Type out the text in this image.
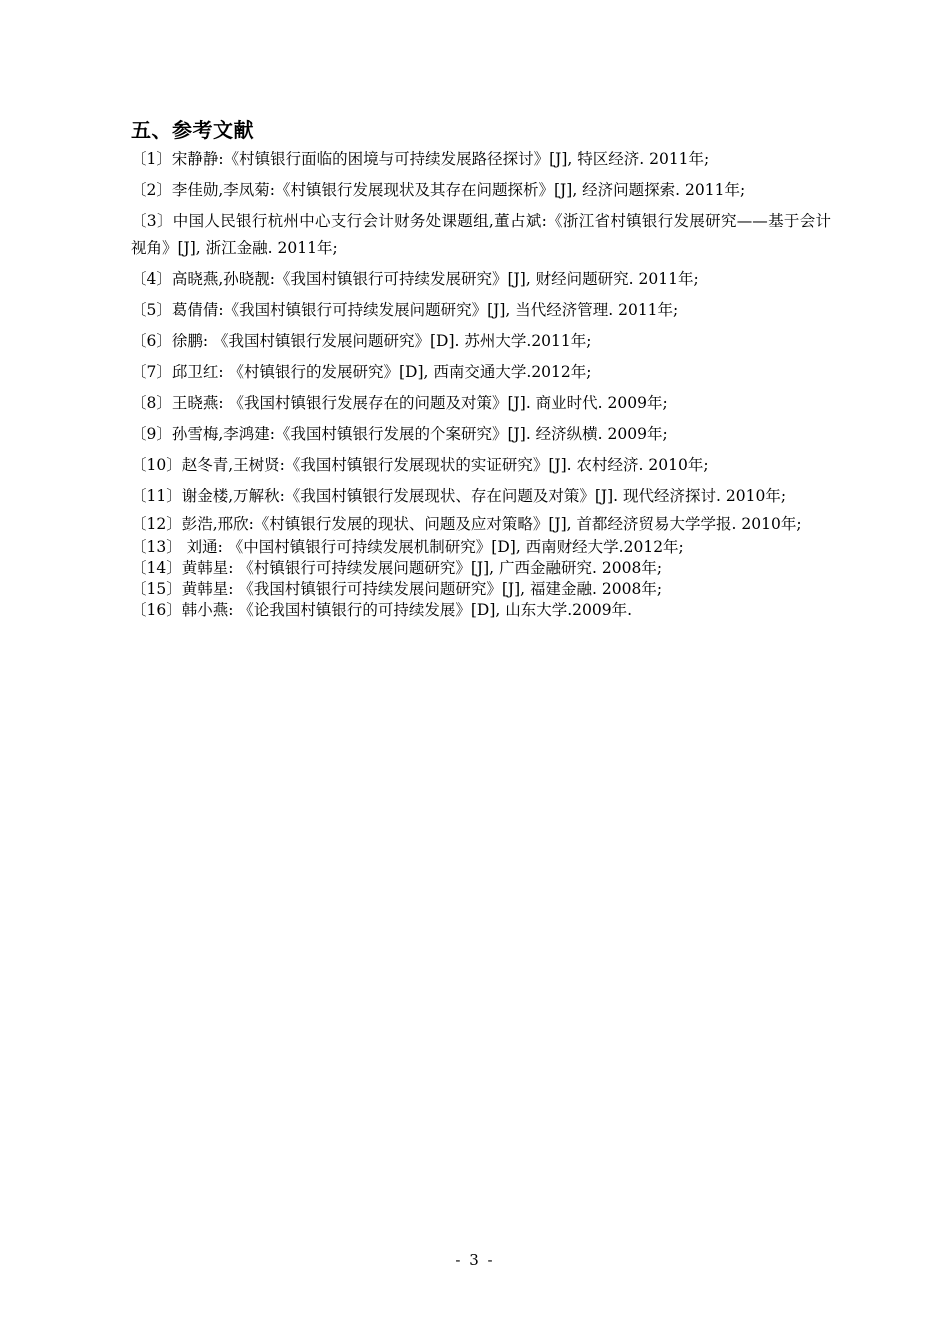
五、参考文献
〔1〕宋静静:《村镇银行面临的困境与可持续发展路径探讨》[J], 特区经济. 2011年;
〔2〕李佳勋,李凤菊:《村镇银行发展现状及其存在问题探析》[J], 经济问题探索. 2011年;
〔3〕中国人民银行杭州中心支行会计财务处课题组,董占斌:《浙江省村镇银行发展研究——基于会计视角》[J], 浙江金融. 2011年;
〔4〕高晓燕,孙晓靓:《我国村镇银行可持续发展研究》[J], 财经问题研究. 2011年;
〔5〕葛倩倩:《我国村镇银行可持续发展问题研究》[J], 当代经济管理. 2011年;
〔6〕徐鹏: 《我国村镇银行发展问题研究》[D]. 苏州大学.2011年;
〔7〕邱卫红: 《村镇银行的发展研究》[D], 西南交通大学.2012年;
〔8〕王晓燕: 《我国村镇银行发展存在的问题及对策》[J]. 商业时代. 2009年;
〔9〕孙雪梅,李鸿建:《我国村镇银行发展的个案研究》[J]. 经济纵横. 2009年;
〔10〕赵冬青,王树贤:《我国村镇银行发展现状的实证研究》[J]. 农村经济. 2010年;
〔11〕谢金楼,万解秋:《我国村镇银行发展现状、存在问题及对策》[J]. 现代经济探讨. 2010年;
〔12〕彭浩,邢欣:《村镇银行发展的现状、问题及应对策略》[J], 首都经济贸易大学学报. 2010年;
〔13〕 刘通: 《中国村镇银行可持续发展机制研究》[D], 西南财经大学.2012年;
〔14〕黄韩星: 《村镇银行可持续发展问题研究》[J], 广西金融研究. 2008年;
〔15〕黄韩星: 《我国村镇银行可持续发展问题研究》[J], 福建金融. 2008年;
〔16〕韩小燕: 《论我国村镇银行的可持续发展》[D], 山东大学.2009年.
- 3 -
